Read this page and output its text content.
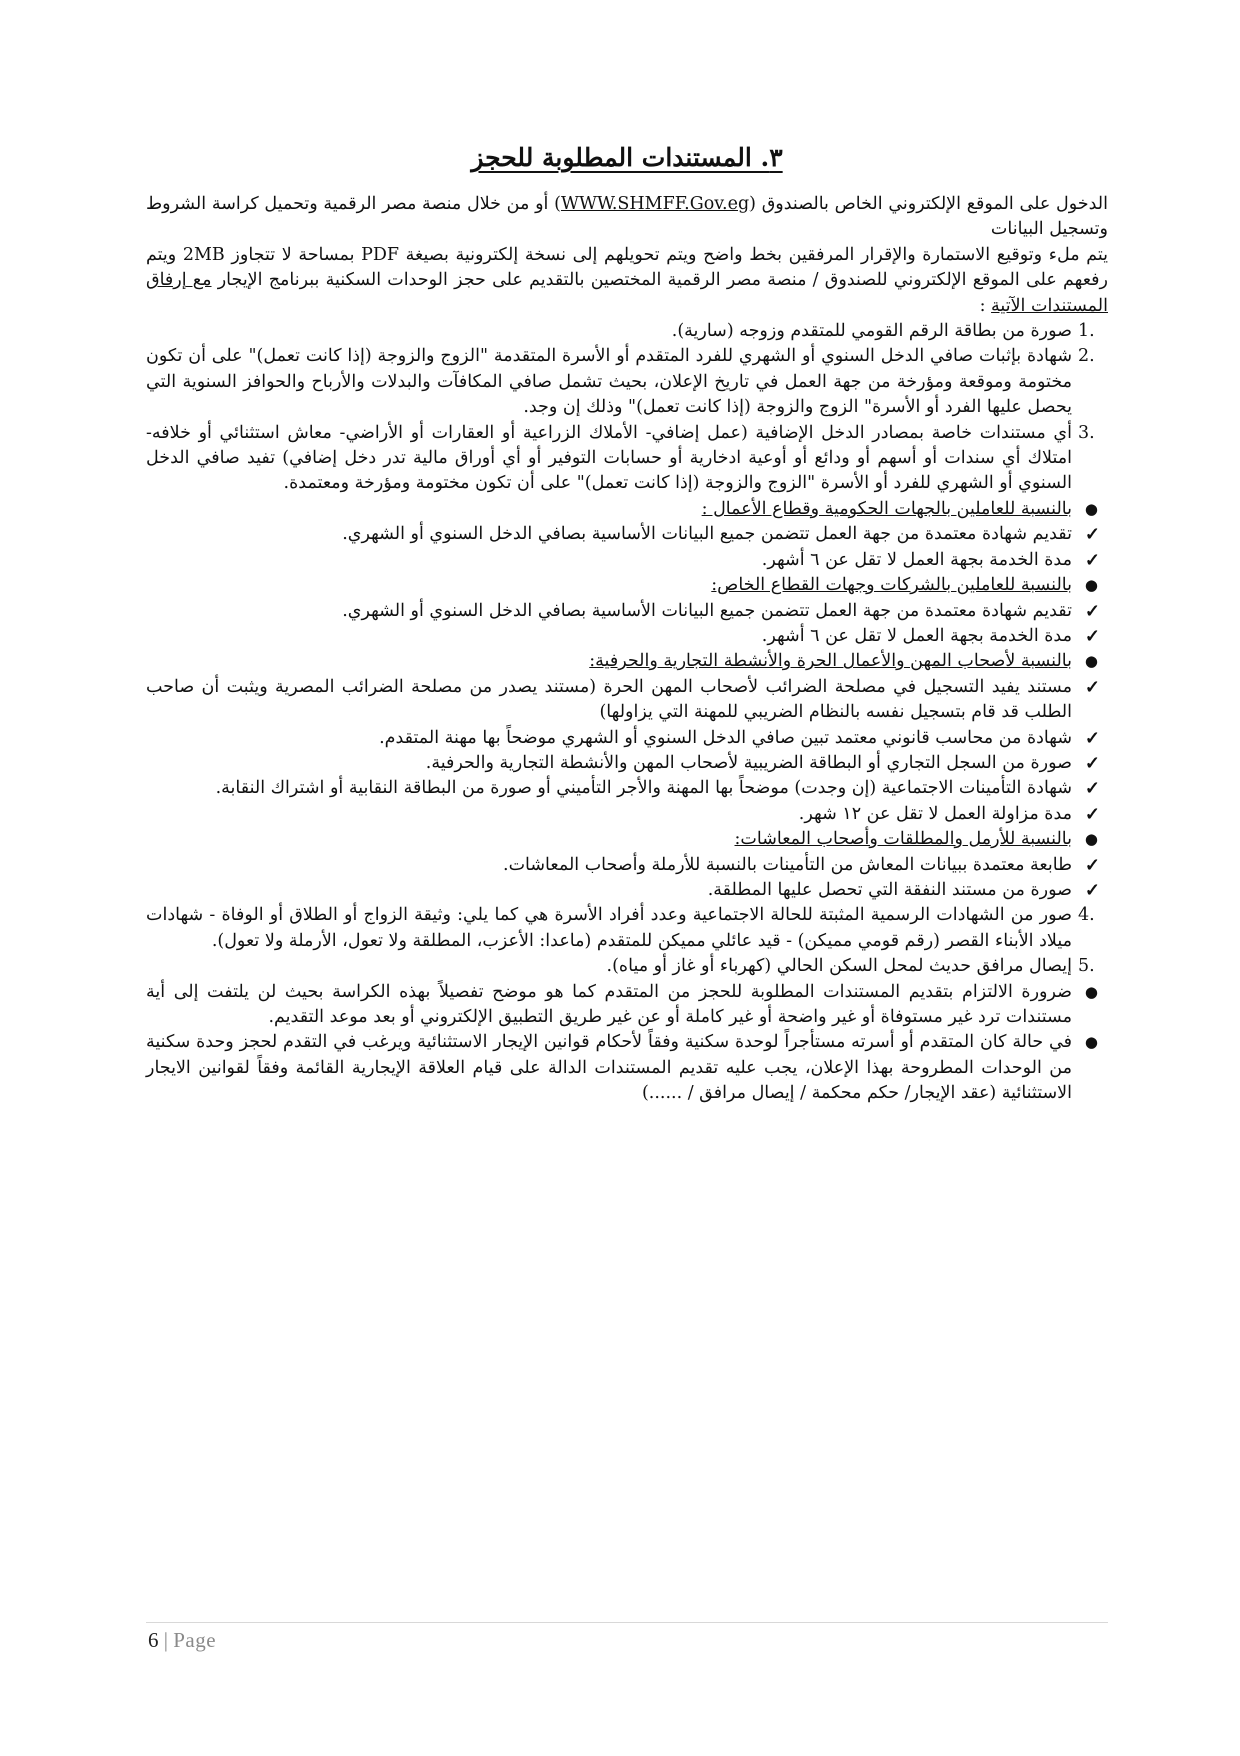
٣. المستندات المطلوبة للحجز

الدخول على الموقع الإلكتروني الخاص بالصندوق (WWW.SHMFF.Gov.eg) أو من خلال منصة مصر الرقمية وتحميل كراسة الشروط وتسجيل البيانات

يتم ملء وتوقيع الاستمارة والإقرار المرفقين بخط واضح ويتم تحويلهم إلى نسخة إلكترونية بصيغة PDF بمساحة لا تتجاوز 2MB ويتم رفعهم على الموقع الإلكتروني للصندوق / منصة مصر الرقمية المختصين بالتقديم على حجز الوحدات السكنية ببرنامج الإيجار مع إرفاق المستندات الآتية :

.1
صورة من بطاقة الرقم القومي للمتقدم وزوجه (سارية).
.2
شهادة بإثبات صافي الدخل السنوي أو الشهري للفرد المتقدم أو الأسرة المتقدمة "الزوج والزوجة (إذا كانت تعمل)" على أن تكون مختومة وموقعة ومؤرخة من جهة العمل في تاريخ الإعلان، بحيث تشمل صافي المكافآت والبدلات والأرباح والحوافز السنوية التي يحصل عليها الفرد أو الأسرة" الزوج والزوجة (إذا كانت تعمل)" وذلك إن وجد.
.3
أي مستندات خاصة بمصادر الدخل الإضافية (عمل إضافي- الأملاك الزراعية أو العقارات أو الأراضي- معاش استثنائي أو خلافه- امتلاك أي سندات أو أسهم أو ودائع أو أوعية ادخارية أو حسابات التوفير أو أي أوراق مالية تدر دخل إضافي) تفيد صافي الدخل السنوي أو الشهري للفرد أو الأسرة "الزوج والزوجة (إذا كانت تعمل)" على أن تكون مختومة ومؤرخة ومعتمدة.
●
بالنسبة للعاملين بالجهات الحكومية وقطاع الأعمال :
✓
تقديم شهادة معتمدة من جهة العمل تتضمن جميع البيانات الأساسية بصافي الدخل السنوي أو الشهري.
✓
مدة الخدمة بجهة العمل لا تقل عن ٦ أشهر.
●
بالنسبة للعاملين بالشركات وجهات القطاع الخاص:
✓
تقديم شهادة معتمدة من جهة العمل تتضمن جميع البيانات الأساسية بصافي الدخل السنوي أو الشهري.
✓
مدة الخدمة بجهة العمل لا تقل عن ٦ أشهر.
●
بالنسبة لأصحاب المهن والأعمال الحرة والأنشطة التجارية والحرفية:
✓
مستند يفيد التسجيل في مصلحة الضرائب لأصحاب المهن الحرة (مستند يصدر من مصلحة الضرائب المصرية ويثبت أن صاحب الطلب قد قام بتسجيل نفسه بالنظام الضريبي للمهنة التي يزاولها)
✓
شهادة من محاسب قانوني معتمد تبين صافي الدخل السنوي أو الشهري موضحاً بها مهنة المتقدم.
✓
صورة من السجل التجاري أو البطاقة الضريبية لأصحاب المهن والأنشطة التجارية والحرفية.
✓
شهادة التأمينات الاجتماعية (إن وجدت) موضحاً بها المهنة والأجر التأميني أو صورة من البطاقة النقابية أو اشتراك النقابة.
✓
مدة مزاولة العمل لا تقل عن ١٢ شهر.
●
بالنسبة للأرمل والمطلقات وأصحاب المعاشات:
✓
طابعة معتمدة ببيانات المعاش من التأمينات بالنسبة للأرملة وأصحاب المعاشات.
✓
صورة من مستند النفقة التي تحصل عليها المطلقة.
.4
صور من الشهادات الرسمية المثبتة للحالة الاجتماعية وعدد أفراد الأسرة هي كما يلي: وثيقة الزواج أو الطلاق أو الوفاة - شهادات ميلاد الأبناء القصر (رقم قومي مميكن) - قيد عائلي مميكن للمتقدم (ماعدا: الأعزب، المطلقة ولا تعول، الأرملة ولا تعول).
.5
إيصال مرافق حديث لمحل السكن الحالي (كهرباء أو غاز أو مياه).
●
ضرورة الالتزام بتقديم المستندات المطلوبة للحجز من المتقدم كما هو موضح تفصيلاً بهذه الكراسة بحيث لن يلتفت إلى أية مستندات ترد غير مستوفاة أو غير واضحة أو غير كاملة أو عن غير طريق التطبيق الإلكتروني أو بعد موعد التقديم.
●
في حالة كان المتقدم أو أسرته مستأجراً لوحدة سكنية وفقاً لأحكام قوانين الإيجار الاستثنائية ويرغب في التقدم لحجز وحدة سكنية من الوحدات المطروحة بهذا الإعلان، يجب عليه تقديم المستندات الدالة على قيام العلاقة الإيجارية القائمة وفقاً لقوانين الايجار الاستثنائية (عقد الإيجار/ حكم محكمة / إيصال مرافق / ......)
6 | Page
